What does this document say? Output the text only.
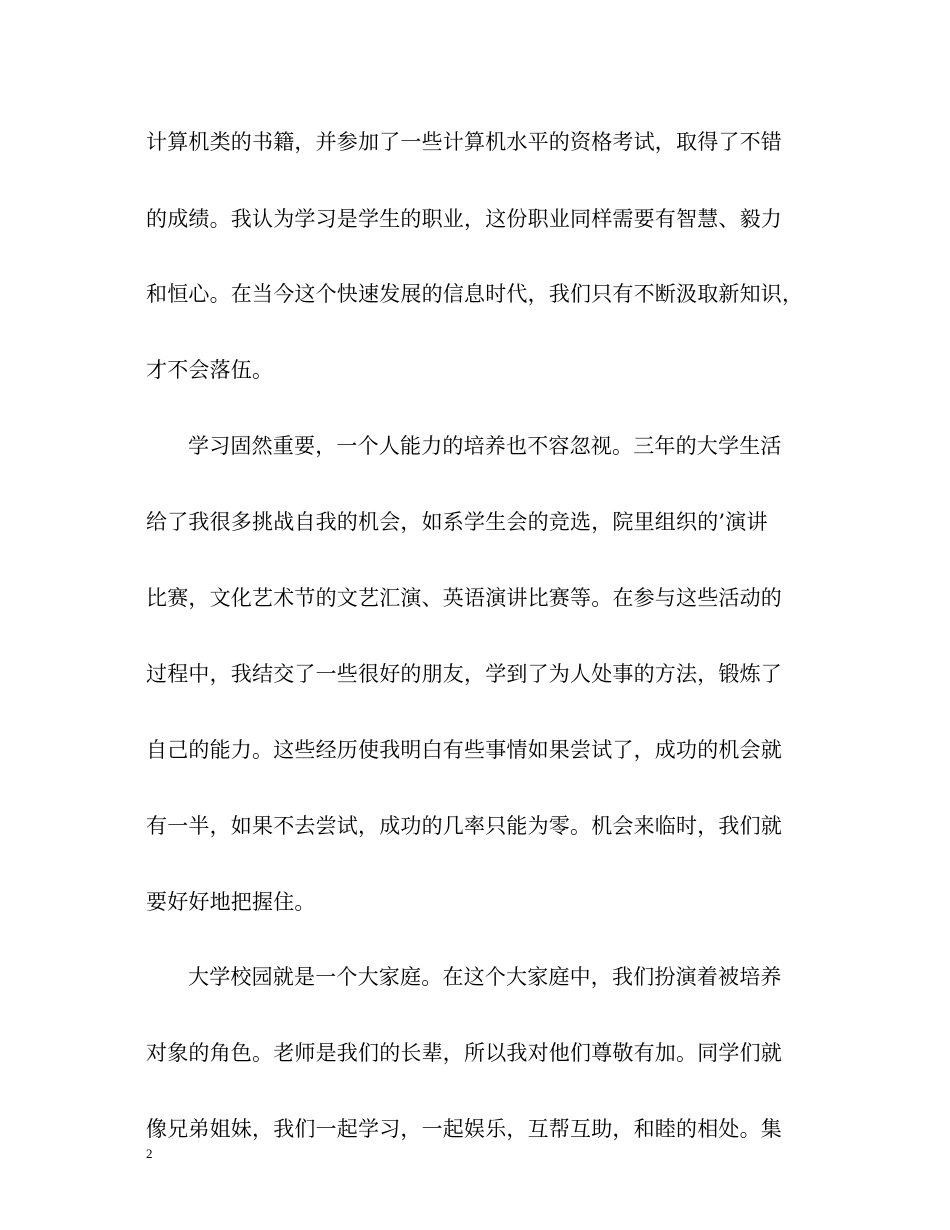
计算机类的书籍，并参加了一些计算机水平的资格考试，取得了不错
的成绩。我认为学习是学生的职业，这份职业同样需要有智慧、毅力
和恒心。在当今这个快速发展的信息时代，我们只有不断汲取新知识，
才不会落伍。
学习固然重要，一个人能力的培养也不容忽视。三年的大学生活
给了我很多挑战自我的机会，如系学生会的竞选，院里组织的’演讲
比赛，文化艺术节的文艺汇演、英语演讲比赛等。在参与这些活动的
过程中，我结交了一些很好的朋友，学到了为人处事的方法，锻炼了
自己的能力。这些经历使我明白有些事情如果尝试了，成功的机会就
有一半，如果不去尝试，成功的几率只能为零。机会来临时，我们就
要好好地把握住。
大学校园就是一个大家庭。在这个大家庭中，我们扮演着被培养
对象的角色。老师是我们的长辈，所以我对他们尊敬有加。同学们就
像兄弟姐妹，我们一起学习，一起娱乐，互帮互助，和睦的相处。集
2
